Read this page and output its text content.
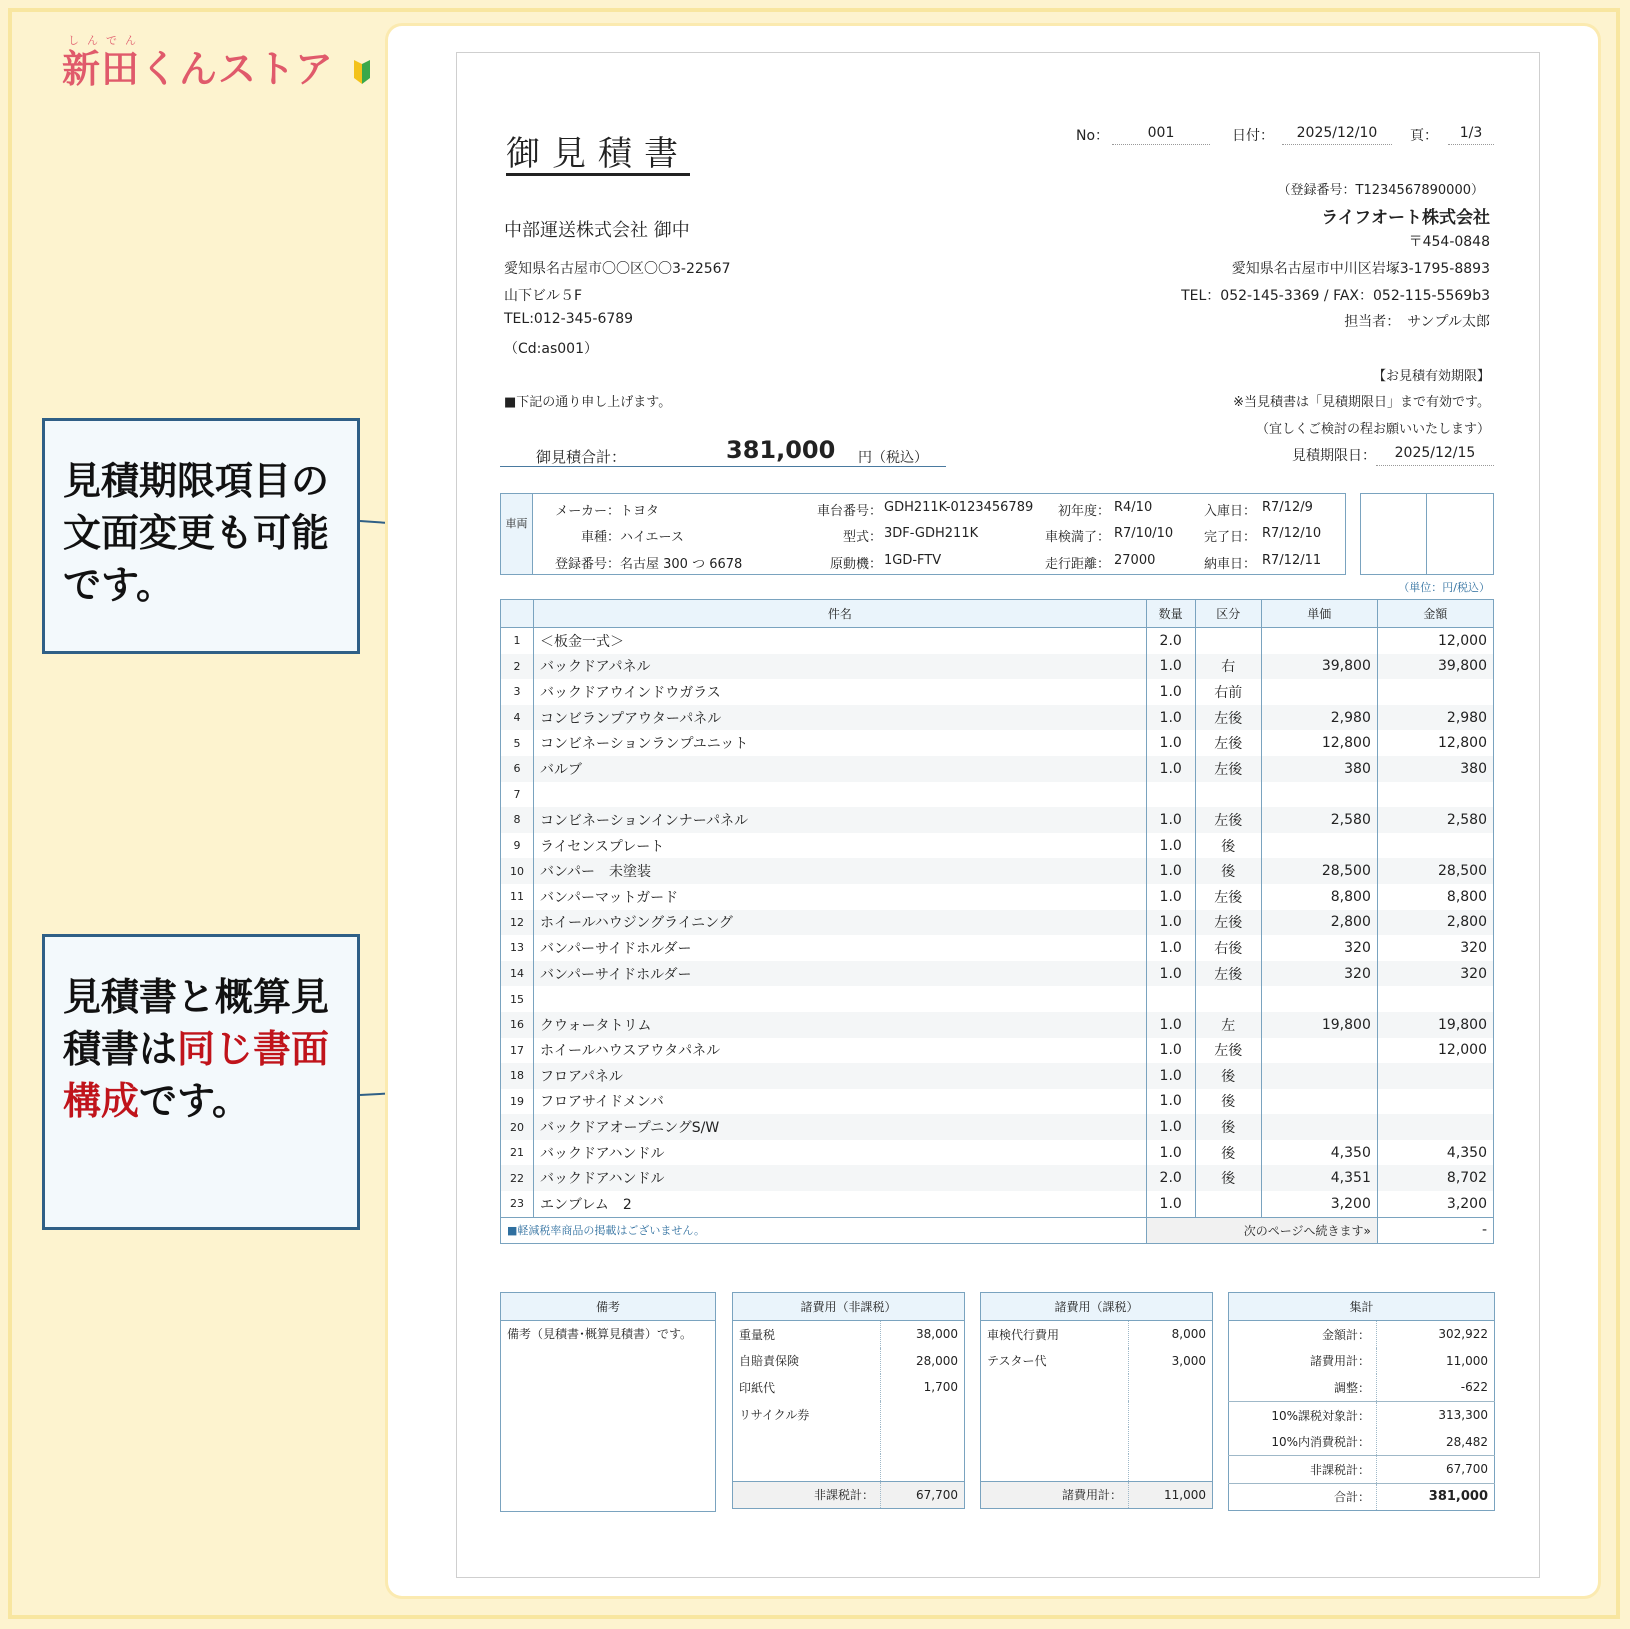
しんでん
新田くんストア
見積期限項目の文面変更も可能です。
見積書と概算見積書は同じ書面構成です。
御見積書	No：	001	日付：	2025/12/10	頁：	1/3
（登録番号：T1234567890000）
ライフオート株式会社
〒454-0848
愛知県名古屋市中川区岩塚3-1795-8893
TEL：052-145-3369 / FAX：052-115-5569b3
担当者：　サンプル太郎
中部運送株式会社 御中
愛知県名古屋市〇〇区〇〇3-22567
山下ビル５F
TEL:012-345-6789
（Cd:as001）
【お見積有効期限】
※当見積書は「見積期限日」まで有効です。
（宜しくご検討の程お願いいたします）
■下記の通り申し上げます。
見積期限日：	2025/12/15
御見積合計：	381,000 円（税込）
車両
メーカー： トヨタ
車種： ハイエース
登録番号： 名古屋 300 つ 6678
車台番号： GDH211K-0123456789
型式： 3DF-GDH211K
原動機： 1GD-FTV
初年度： R4/10
車検満了： R7/10/10
走行距離： 27000
入庫日： R7/12/9
完了日： R7/12/10
納車日： R7/12/11
（単位：円/税込）
	件名	数量	区分	単価	金額
1	＜板金一式＞	2.0			12,000
2	バックドアパネル	1.0	右	39,800	39,800
3	バックドアウインドウガラス	1.0	右前		
4	コンビランプアウターパネル	1.0	左後	2,980	2,980
5	コンビネーションランプユニット	1.0	左後	12,800	12,800
6	バルブ	1.0	左後	380	380
7					
8	コンビネーションインナーパネル	1.0	左後	2,580	2,580
9	ライセンスプレート	1.0	後		
10	バンパー　未塗装	1.0	後	28,500	28,500
11	バンパーマットガード	1.0	左後	8,800	8,800
12	ホイールハウジングライニング	1.0	左後	2,800	2,800
13	バンパーサイドホルダー	1.0	右後	320	320
14	バンパーサイドホルダー	1.0	左後	320	320
15					
16	クウォータトリム	1.0	左	19,800	19,800
17	ホイールハウスアウタパネル	1.0	左後		12,000
18	フロアパネル	1.0	後		
19	フロアサイドメンバ	1.0	後		
20	バックドアオープニングS/W	1.0	後		
21	バックドアハンドル	1.0	後	4,350	4,350
22	バックドアハンドル	2.0	後	4,351	8,702
23	エンブレム　2	1.0		3,200	3,200
■軽減税率商品の掲載はございません。		次のページへ続きます»			-
備考
備考（見積書･概算見積書）です。
諸費用（非課税）	
重量税	38,000
自賠責保険	28,000
印紙代	1,700
リサイクル券	

非課税計：	67,700
諸費用（課税）	
車検代行費用	8,000
テスター代	3,000

諸費用計：	11,000
集計	
金額計：	302,922
諸費用計：	11,000
調整：	-622
10%課税対象計：	313,300
10%内消費税計：	28,482
非課税計：	67,700
合計：	381,000
